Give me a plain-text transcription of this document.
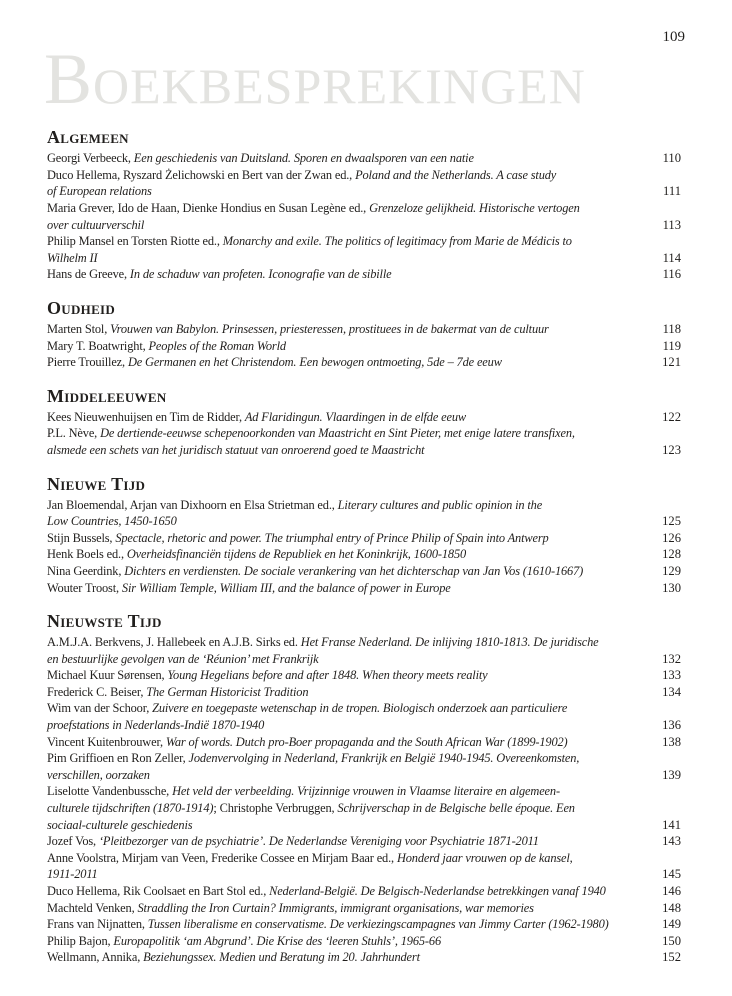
109
Boekbesprekingen
Algemeen
Georgi Verbeeck, Een geschiedenis van Duitsland. Sporen en dwaalsporen van een natie	110
Duco Hellema, Ryszard Żelichowski en Bert van der Zwan ed., Poland and the Netherlands. A case study
of European relations	111
Maria Grever, Ido de Haan, Dienke Hondius en Susan Legène ed., Grenzeloze gelijkheid. Historische vertogen
over cultuurverschil	113
Philip Mansel en Torsten Riotte ed., Monarchy and exile. The politics of legitimacy from Marie de Médicis to
Wilhelm II	114
Hans de Greeve, In de schaduw van profeten. Iconografie van de sibille	116
Oudheid
Marten Stol, Vrouwen van Babylon. Prinsessen, priesteressen, prostituees in de bakermat van de cultuur	118
Mary T. Boatwright, Peoples of the Roman World	119
Pierre Trouillez, De Germanen en het Christendom. Een bewogen ontmoeting, 5de – 7de eeuw	121
Middeleeuwen
Kees Nieuwenhuijsen en Tim de Ridder, Ad Flaridingun. Vlaardingen in de elfde eeuw	122
P.L. Nève, De dertiende-eeuwse schepenoorkonden van Maastricht en Sint Pieter, met enige latere transfixen,
alsmede een schets van het juridisch statuut van onroerend goed te Maastricht	123
Nieuwe Tijd
Jan Bloemendal, Arjan van Dixhoorn en Elsa Strietman ed., Literary cultures and public opinion in the
Low Countries, 1450-1650	125
Stijn Bussels, Spectacle, rhetoric and power. The triumphal entry of Prince Philip of Spain into Antwerp	126
Henk Boels ed., Overheidsfinanciën tijdens de Republiek en het Koninkrijk, 1600-1850	128
Nina Geerdink, Dichters en verdiensten. De sociale verankering van het dichterschap van Jan Vos (1610-1667)	129
Wouter Troost, Sir William Temple, William III, and the balance of power in Europe	130
Nieuwste Tijd
A.M.J.A. Berkvens, J. Hallebeek en A.J.B. Sirks ed. Het Franse Nederland. De inlijving 1810-1813. De juridische
en bestuurlijke gevolgen van de ‘Réunion’ met Frankrijk	132
Michael Kuur Sørensen, Young Hegelians before and after 1848. When theory meets reality	133
Frederick C. Beiser, The German Historicist Tradition	134
Wim van der Schoor, Zuivere en toegepaste wetenschap in de tropen. Biologisch onderzoek aan particuliere
proefstations in Nederlands-Indië 1870-1940	136
Vincent Kuitenbrouwer, War of words. Dutch pro-Boer propaganda and the South African War (1899-1902)	138
Pim Griffioen en Ron Zeller, Jodenvervolging in Nederland, Frankrijk en België 1940-1945. Overeenkomsten,
verschillen, oorzaken	139
Liselotte Vandenbussche, Het veld der verbeelding. Vrijzinnige vrouwen in Vlaamse literaire en algemeen-
culturele tijdschriften (1870-1914); Christophe Verbruggen, Schrijverschap in de Belgische belle époque. Een
sociaal-culturele geschiedenis	141
Jozef Vos, ‘Pleitbezorger van de psychiatrie’. De Nederlandse Vereniging voor Psychiatrie 1871-2011	143
Anne Voolstra, Mirjam van Veen, Frederike Cossee en Mirjam Baar ed., Honderd jaar vrouwen op de kansel,
1911-2011	145
Duco Hellema, Rik Coolsaet en Bart Stol ed., Nederland-België. De Belgisch-Nederlandse betrekkingen vanaf 1940	146
Machteld Venken, Straddling the Iron Curtain? Immigrants, immigrant organisations, war memories	148
Frans van Nijnatten, Tussen liberalisme en conservatisme. De verkiezingscampagnes van Jimmy Carter (1962-1980)	149
Philip Bajon, Europapolitik ‘am Abgrund’. Die Krise des ‘leeren Stuhls’, 1965-66	150
Wellmann, Annika, Beziehungssex. Medien und Beratung im 20. Jahrhundert	152
